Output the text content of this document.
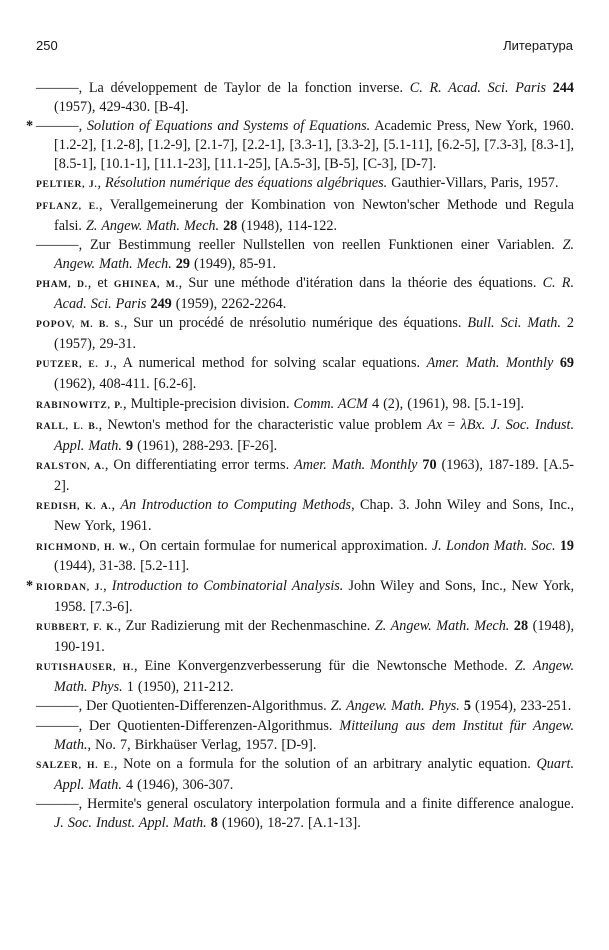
250	Литература

———, La développement de Taylor de la fonction inverse. C. R. Acad. Sci. Paris 244 (1957), 429-430. [B-4].

* ———, Solution of Equations and Systems of Equations. Academic Press, New York, 1960. [1.2-2], [1.2-8], [1.2-9], [2.1-7], [2.2-1], [3.3-1], [3.3-2], [5.1-11], [6.2-5], [7.3-3], [8.3-1], [8.5-1], [10.1-1], [11.1-23], [11.1-25], [A.5-3], [B-5], [C-3], [D-7].

PELTIER, J., Résolution numérique des équations algébriques. Gauthier-Villars, Paris, 1957.

PFLANZ, E., Verallgemeinerung der Kombination von Newton'scher Methode und Regula falsi. Z. Angew. Math. Mech. 28 (1948), 114-122.

———, Zur Bestimmung reeller Nullstellen von reellen Funktionen einer Variablen. Z. Angew. Math. Mech. 29 (1949), 85-91.

PHAM, D., et GHINEA, M., Sur une méthode d'itération dans la théorie des équations. C. R. Acad. Sci. Paris 249 (1959), 2262-2264.

POPOV, M. B. S., Sur un procédé de nrésolutio numérique des équations. Bull. Sci. Math. 2 (1957), 29-31.

PUTZER, E. J., A numerical method for solving scalar equations. Amer. Math. Monthly 69 (1962), 408-411. [6.2-6].

RABINOWITZ, P., Multiple-precision division. Comm. ACM 4 (2), (1961), 98. [5.1-19].

RALL, L. B., Newton's method for the characteristic value problem Ax = λBx. J. Soc. Indust. Appl. Math. 9 (1961), 288-293. [F-26].

RALSTON, A., On differentiating error terms. Amer. Math. Monthly 70 (1963), 187-189. [A.5-2].

REDISH, K. A., An Introduction to Computing Methods, Chap. 3. John Wiley and Sons, Inc., New York, 1961.

RICHMOND, H. W., On certain formulae for numerical approximation. J. London Math. Soc. 19 (1944), 31-38. [5.2-11].

* RIORDAN, J., Introduction to Combinatorial Analysis. John Wiley and Sons, Inc., New York, 1958. [7.3-6].

RUBBERT, F. K., Zur Radizierung mit der Rechenmaschine. Z. Angew. Math. Mech. 28 (1948), 190-191.

RUTISHAUSER, H., Eine Konvergenzverbesserung für die Newtonsche Methode. Z. Angew. Math. Phys. 1 (1950), 211-212.

———, Der Quotienten-Differenzen-Algorithmus. Z. Angew. Math. Phys. 5 (1954), 233-251.

———, Der Quotienten-Differenzen-Algorithmus. Mitteilung aus dem Institut für Angew. Math., No. 7, Birkhaüser Verlag, 1957. [D-9].

SALZER, H. E., Note on a formula for the solution of an arbitrary analytic equation. Quart. Appl. Math. 4 (1946), 306-307.

———, Hermite's general osculatory interpolation formula and a finite difference analogue. J. Soc. Indust. Appl. Math. 8 (1960), 18-27. [A.1-13].
